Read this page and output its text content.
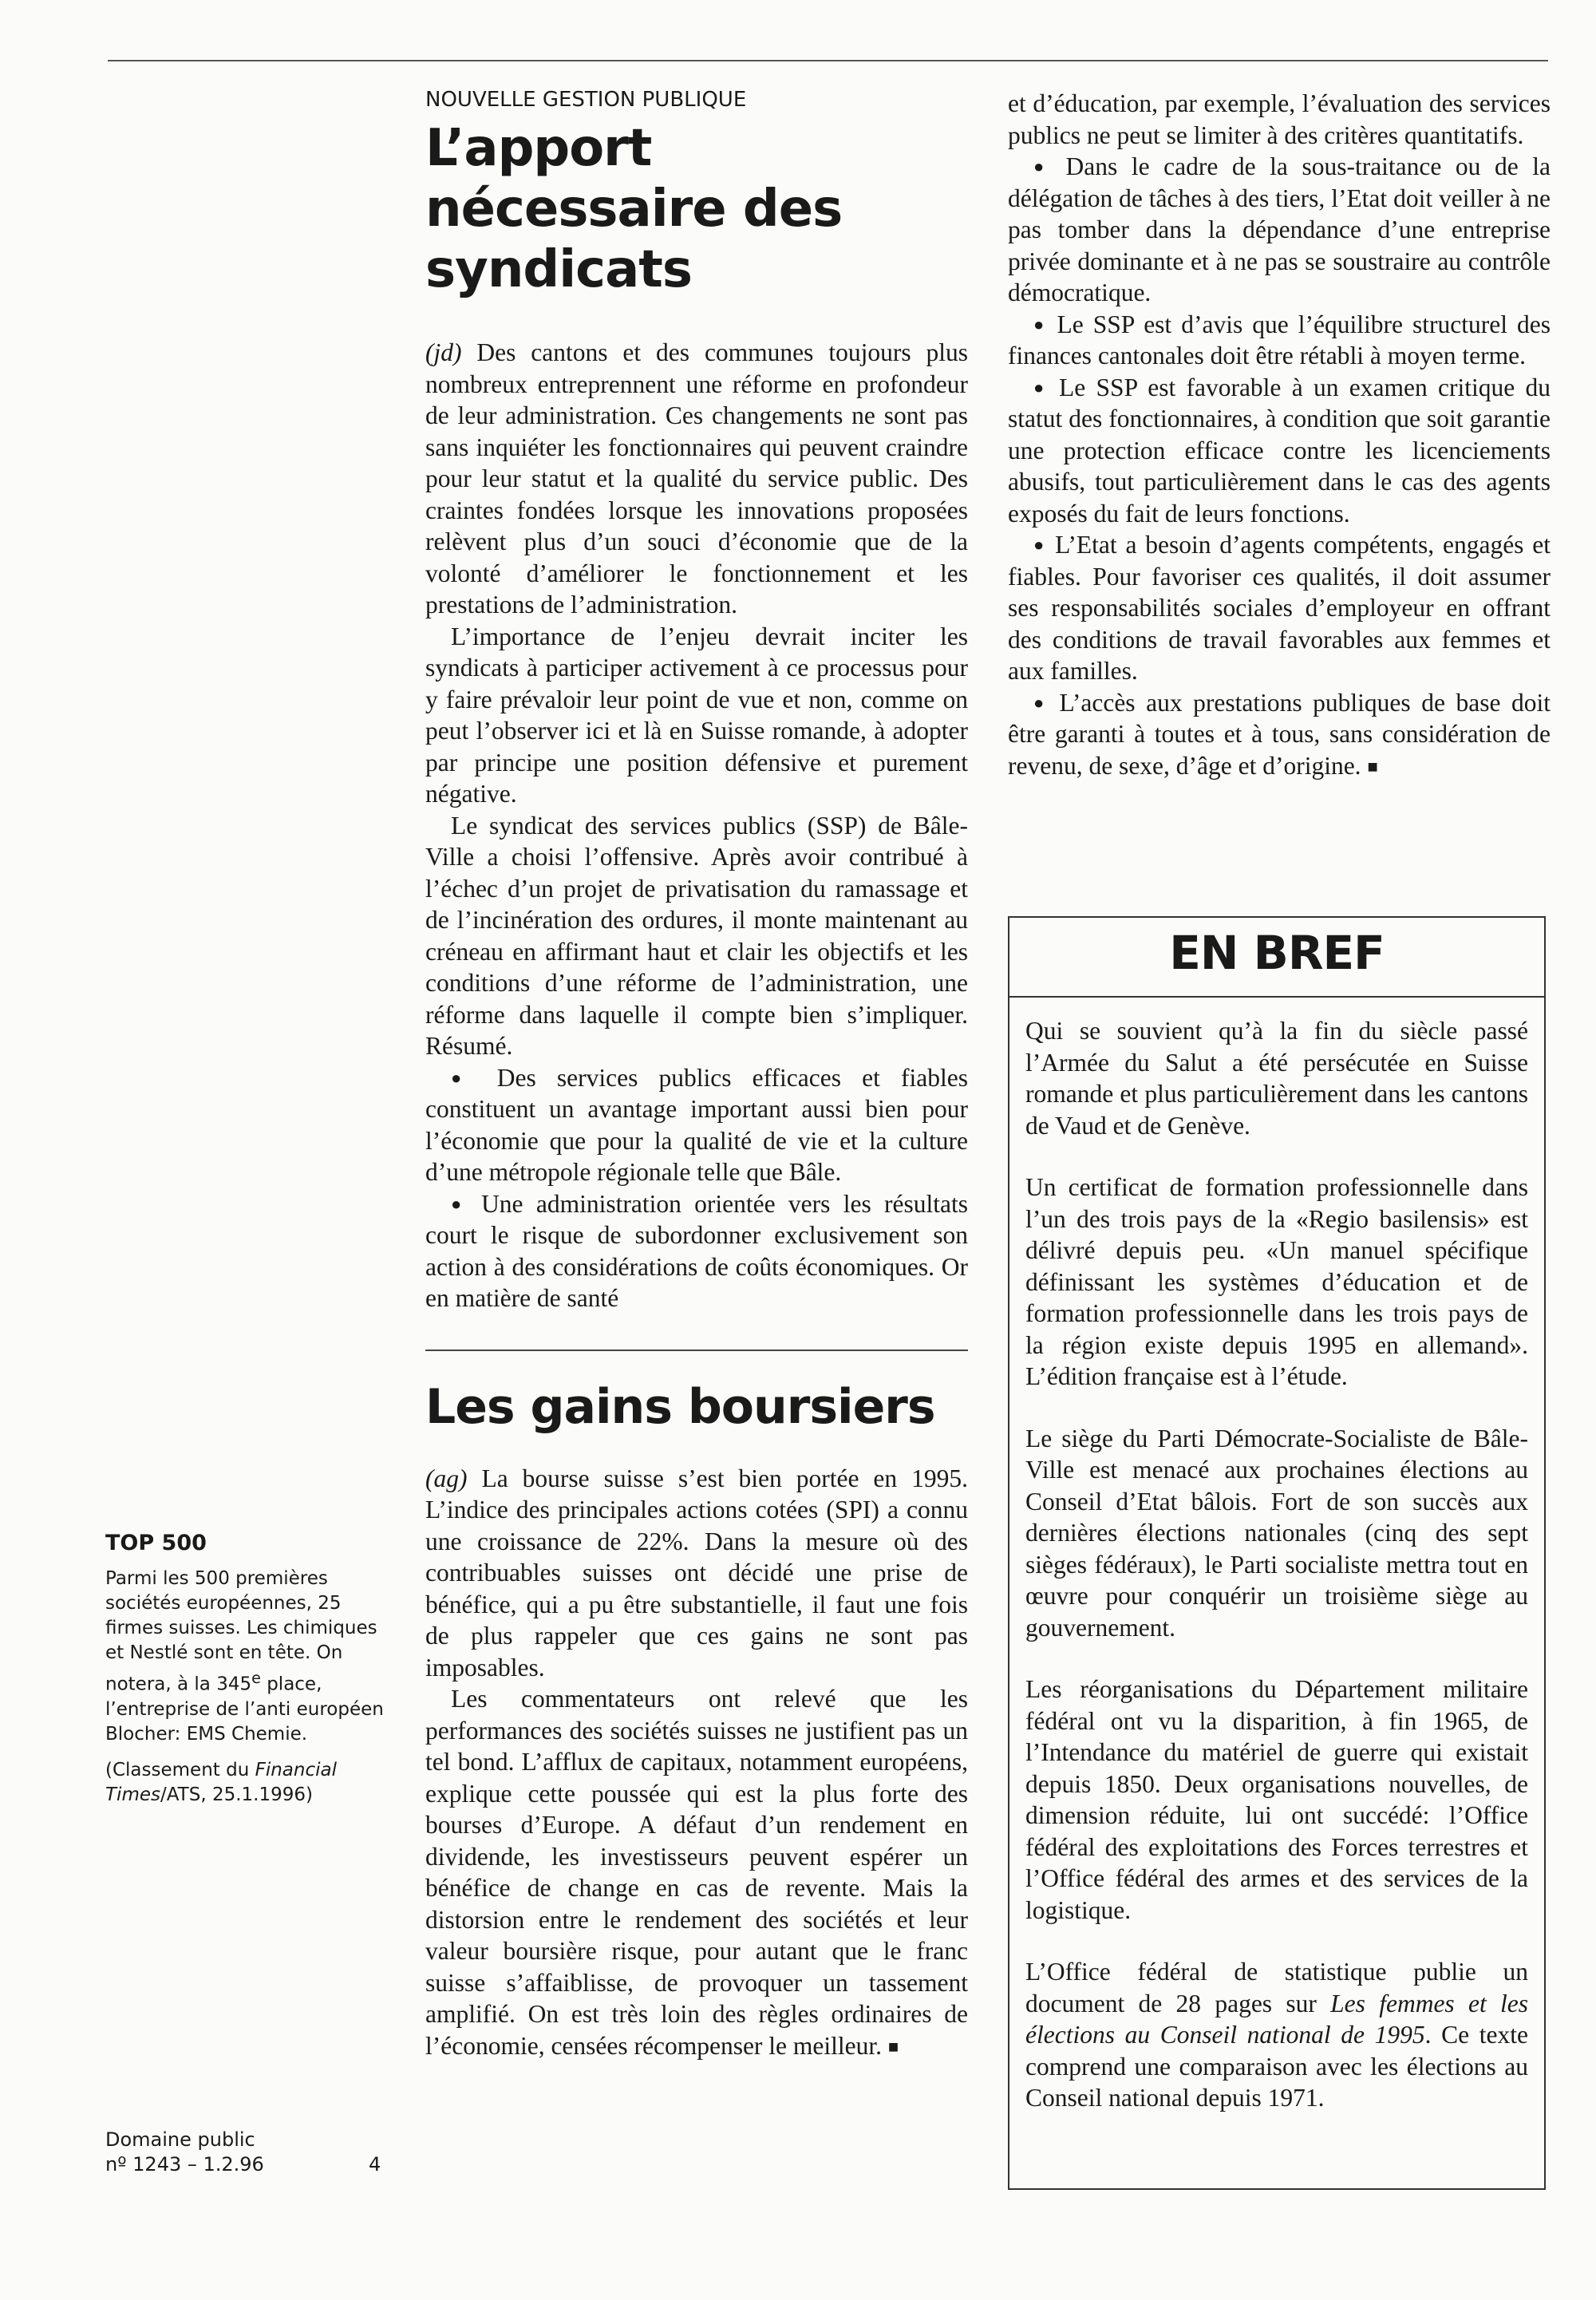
NOUVELLE GESTION PUBLIQUE
L’apport nécessaire des
syndicats

(jd) Des cantons et des communes toujours plus nombreux entreprennent une réforme en profondeur de leur administration. Ces changements ne sont pas sans inquiéter les fonctionnaires qui peuvent craindre pour leur statut et la qualité du service public. Des craintes fondées lorsque les innovations proposées relèvent plus d’un souci d’économie que de la volonté d’améliorer le fonctionnement et les prestations de l’administration.

L’importance de l’enjeu devrait inciter les syndicats à participer activement à ce processus pour y faire prévaloir leur point de vue et non, comme on peut l’observer ici et là en Suisse romande, à adopter par principe une position défensive et purement négative.

Le syndicat des services publics (SSP) de Bâle-Ville a choisi l’offensive. Après avoir contribué à l’échec d’un projet de privatisation du ramassage et de l’incinération des ordures, il monte maintenant au créneau en affirmant haut et clair les objectifs et les conditions d’une réforme de l’administration, une réforme dans laquelle il compte bien s’impliquer. Résumé.

● Des services publics efficaces et fiables constituent un avantage important aussi bien pour l’économie que pour la qualité de vie et la culture d’une métropole régionale telle que Bâle.

● Une administration orientée vers les résultats court le risque de subordonner exclusivement son action à des considérations de coûts économiques. Or en matière de santé

Les gains boursiers

(ag) La bourse suisse s’est bien portée en 1995. L’indice des principales actions cotées (SPI) a connu une croissance de 22%. Dans la mesure où des contribuables suisses ont décidé une prise de bénéfice, qui a pu être substantielle, il faut une fois de plus rappeler que ces gains ne sont pas imposables.

Les commentateurs ont relevé que les performances des sociétés suisses ne justifient pas un tel bond. L’afflux de capitaux, notamment européens, explique cette poussée qui est la plus forte des bourses d’Europe. A défaut d’un rendement en dividende, les investisseurs peuvent espérer un bénéfice de change en cas de revente. Mais la distorsion entre le rendement des sociétés et leur valeur boursière risque, pour autant que le franc suisse s’affaiblisse, de provoquer un tassement amplifié. On est très loin des règles ordinaires de l’économie, censées récompenser le meilleur. ■

et d’éducation, par exemple, l’évaluation des services publics ne peut se limiter à des critères quantitatifs.

● Dans le cadre de la sous-traitance ou de la délégation de tâches à des tiers, l’Etat doit veiller à ne pas tomber dans la dépendance d’une entreprise privée dominante et à ne pas se soustraire au contrôle démocratique.

● Le SSP est d’avis que l’équilibre structurel des finances cantonales doit être rétabli à moyen terme.

● Le SSP est favorable à un examen critique du statut des fonctionnaires, à condition que soit garantie une protection efficace contre les licenciements abusifs, tout particulièrement dans le cas des agents exposés du fait de leurs fonctions.

● L’Etat a besoin d’agents compétents, engagés et fiables. Pour favoriser ces qualités, il doit assumer ses responsabilités sociales d’employeur en offrant des conditions de travail favorables aux femmes et aux familles.

● L’accès aux prestations publiques de base doit être garanti à toutes et à tous, sans considération de revenu, de sexe, d’âge et d’origine. ■

EN BREF

Qui se souvient qu’à la fin du siècle passé l’Armée du Salut a été persécutée en Suisse romande et plus particulièrement dans les cantons de Vaud et de Genève.

Un certificat de formation professionnelle dans l’un des trois pays de la «Regio basilensis» est délivré depuis peu. «Un manuel spécifique définissant les systèmes d’éducation et de formation professionnelle dans les trois pays de la région existe depuis 1995 en allemand». L’édition française est à l’étude.

Le siège du Parti Démocrate-Socialiste de Bâle-Ville est menacé aux prochaines élections au Conseil d’Etat bâlois. Fort de son succès aux dernières élections nationales (cinq des sept sièges fédéraux), le Parti socialiste mettra tout en œuvre pour conquérir un troisième siège au gouvernement.

Les réorganisations du Département militaire fédéral ont vu la disparition, à fin 1965, de l’Intendance du matériel de guerre qui existait depuis 1850. Deux organisations nouvelles, de dimension réduite, lui ont succédé: l’Office fédéral des exploitations des Forces terrestres et l’Office fédéral des armes et des services de la logistique.

L’Office fédéral de statistique publie un document de 28 pages sur Les femmes et les élections au Conseil national de 1995. Ce texte comprend une comparaison avec les élections au Conseil national depuis 1971.

TOP 500

Parmi les 500 premières sociétés européennes, 25 firmes suisses. Les chimiques et Nestlé sont en tête. On notera, à la 345e place, l’entreprise de l’anti européen Blocher: EMS Chemie.

(Classement du Financial Times/ATS, 25.1.1996)

Domaine public
nº 1243 – 1.2.96	4
